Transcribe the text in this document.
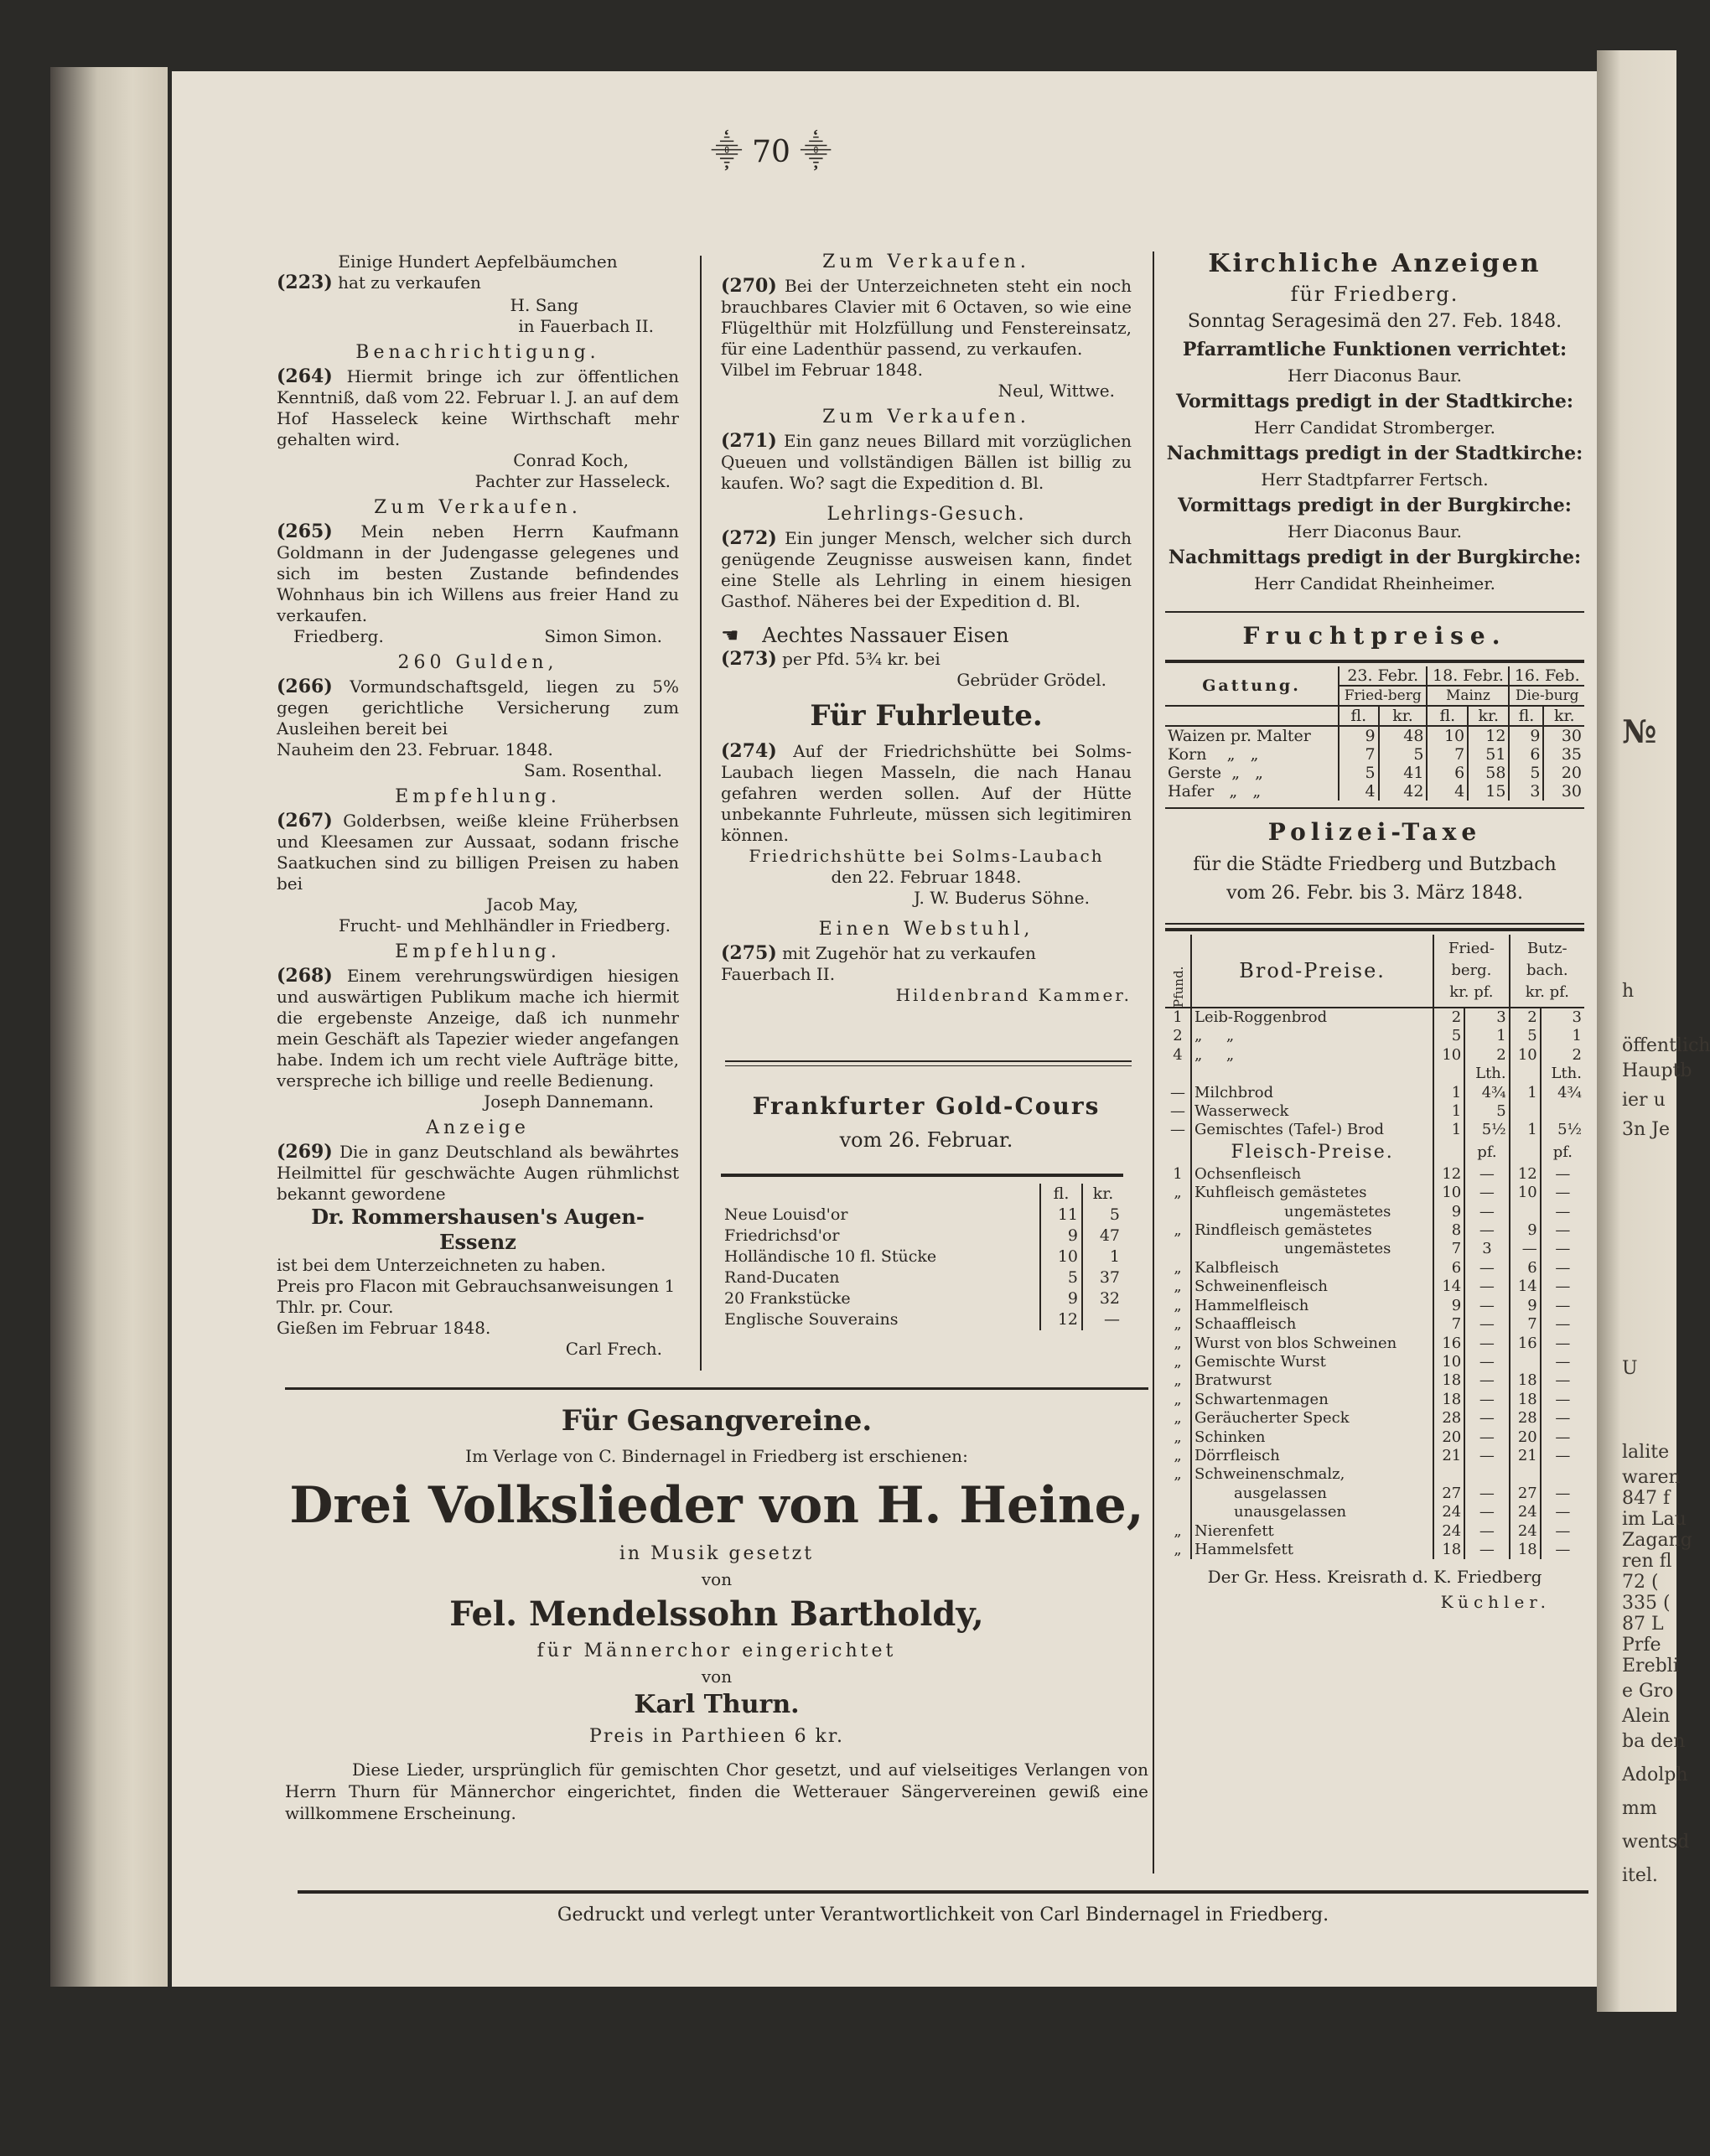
№
h
öffentlich
Hauptb
ier u
3n Je
U
lalite
waren
847 f
im Lau
Zagang
ren fl
72 (
335 (
87 L
Prfe
Erebli
e Gro
Alein
ba den
Adolph
mm
wentsd
itel.
⸎ 70 ⸎
Einige Hundert Aepfelbäumchen
(223) hat zu verkaufen
H. Sang
in Fauerbach II.
Benachrichtigung.
(264) Hiermit bringe ich zur öffentlichen Kenntniß, daß vom 22. Februar l. J. an auf dem Hof Hasseleck keine Wirthschaft mehr gehalten wird.
Conrad Koch,
Pachter zur Hasseleck.
Zum Verkaufen.
(265) Mein neben Herrn Kaufmann Goldmann in der Judengasse gelegenes und sich im besten Zustande befindendes Wohnhaus bin ich Willens aus freier Hand zu verkaufen.
Friedberg.	Simon Simon.
260 Gulden,
(266) Vormundschaftsgeld, liegen zu 5% gegen gerichtliche Versicherung zum Ausleihen bereit bei
Nauheim den 23. Februar. 1848.
Sam. Rosenthal.
Empfehlung.
(267) Golderbsen, weiße kleine Früherbsen und Kleesamen zur Aussaat, sodann frische Saatkuchen sind zu billigen Preisen zu haben bei
Jacob May,
Frucht- und Mehlhändler in Friedberg.
Empfehlung.
(268) Einem verehrungswürdigen hiesigen und auswärtigen Publikum mache ich hiermit die ergebenste Anzeige, daß ich nunmehr mein Geschäft als Tapezier wieder angefangen habe. Indem ich um recht viele Aufträge bitte, verspreche ich billige und reelle Bedienung.
Joseph Dannemann.
Anzeige
(269) Die in ganz Deutschland als bewährtes Heilmittel für geschwächte Augen rühmlichst bekannt gewordene
Dr. Rommershausen's Augen-
Essenz
ist bei dem Unterzeichneten zu haben.
Preis pro Flacon mit Gebrauchsanweisungen 1 Thlr. pr. Cour.
Gießen im Februar 1848.
Carl Frech.
Zum Verkaufen.
(270) Bei der Unterzeichneten steht ein noch brauchbares Clavier mit 6 Octaven, so wie eine Flügelthür mit Holzfüllung und Fenstereinsatz, für eine Ladenthür passend, zu verkaufen.
Vilbel im Februar 1848.
Neul, Wittwe.
Zum Verkaufen.
(271) Ein ganz neues Billard mit vorzüglichen Queuen und vollständigen Bällen ist billig zu kaufen. Wo? sagt die Expedition d. Bl.
Lehrlings-Gesuch.
(272) Ein junger Mensch, welcher sich durch genügende Zeugnisse ausweisen kann, findet eine Stelle als Lehrling in einem hiesigen Gasthof. Näheres bei der Expedition d. Bl.
☚ Aechtes Nassauer Eisen
(273) per Pfd. 5¾ kr. bei
Gebrüder Grödel.
Für Fuhrleute.
(274) Auf der Friedrichshütte bei Solms-Laubach liegen Masseln, die nach Hanau gefahren werden sollen. Auf der Hütte unbekannte Fuhrleute, müssen sich legitimiren können.
Friedrichshütte bei Solms-Laubach
den 22. Februar 1848.
J. W. Buderus Söhne.
Einen Webstuhl,
(275) mit Zugehör hat zu verkaufen
Fauerbach II.
Hildenbrand Kammer.
Frankfurter Gold-Cours
vom 26. Februar.
	fl.	kr.
Neue Louisd'or	11	5
Friedrichsd'or	9	47
Holländische 10 fl. Stücke	10	1
Rand-Ducaten	5	37
20 Frankstücke	9	32
Englische Souverains	12	—
Kirchliche Anzeigen
für Friedberg.
Sonntag Seragesimä den 27. Feb. 1848.
Pfarramtliche Funktionen verrichtet:
Herr Diaconus Baur.
Vormittags predigt in der Stadtkirche:
Herr Candidat Stromberger.
Nachmittags predigt in der Stadtkirche:
Herr Stadtpfarrer Fertsch.
Vormittags predigt in der Burgkirche:
Herr Diaconus Baur.
Nachmittags predigt in der Burgkirche:
Herr Candidat Rheinheimer.
Fruchtpreise.
Gattung.	23. Febr.		18. Febr.		16. Feb.	
	Fried-berg		Mainz		Die-burg	

	fl.	kr.	fl.	kr.	fl.	kr.
Waizen pr. Malter	9	48	10	12	9	30
Korn    „   „	7	5	7	51	6	35
Gerste  „   „	5	41	6	58	5	20
Hafer   „   „	4	42	4	15	3	30
Polizei-Taxe
für die Städte Friedberg und Butzbach
vom 26. Febr. bis 3. März 1848.
Pfund.	Brod-Preise.	Fried-berg.
kr. pf.		Butz-bach.
kr. pf.	
1	Leib-Roggenbrod	2	3	2	3
2	„     „	5	1	5	1
4	„     „	10	2	10	2
			Lth.		Lth.
—	Milchbrod	1	4¾	1	4¾
—	Wasserweck	1	5		
—	Gemischtes (Tafel-) Brod	1	5½	1	5½
	Fleisch-Preise.		pf.		pf.
1	Ochsenfleisch	12	—	12	—
„	Kuhfleisch gemästetes	10	—	10	—
	ungemästetes	9	—		—
„	Rindfleisch gemästetes	8	—	9	—
	ungemästetes	7	3	—	—
„	Kalbfleisch	6	—	6	—
„	Schweinenfleisch	14	—	14	—
„	Hammelfleisch	9	—	9	—
„	Schaaffleisch	7	—	7	—
„	Wurst von blos Schweinen	16	—	16	—
„	Gemischte Wurst	10	—		—
„	Bratwurst	18	—	18	—
„	Schwartenmagen	18	—	18	—
„	Geräucherter Speck	28	—	28	—
„	Schinken	20	—	20	—
„	Dörrfleisch	21	—	21	—
„	Schweinenschmalz,				
	ausgelassen	27	—	27	—
	unausgelassen	24	—	24	—
„	Nierenfett	24	—	24	—
„	Hammelsfett	18	—	18	—
Der Gr. Hess. Kreisrath d. K. Friedberg
Küchler.
Für Gesangvereine.
Im Verlage von C. Bindernagel in Friedberg ist erschienen:
Drei Volkslieder von H. Heine,
in Musik gesetzt
von
Fel. Mendelssohn Bartholdy,
für Männerchor eingerichtet
von
Karl Thurn.
Preis in Parthieen 6 kr.
Diese Lieder, ursprünglich für gemischten Chor gesetzt, und auf vielseitiges Verlangen von Herrn Thurn für Männerchor eingerichtet, finden die Wetterauer Sängervereinen gewiß eine willkommene Erscheinung.
Gedruckt und verlegt unter Verantwortlichkeit von Carl Bindernagel in Friedberg.
